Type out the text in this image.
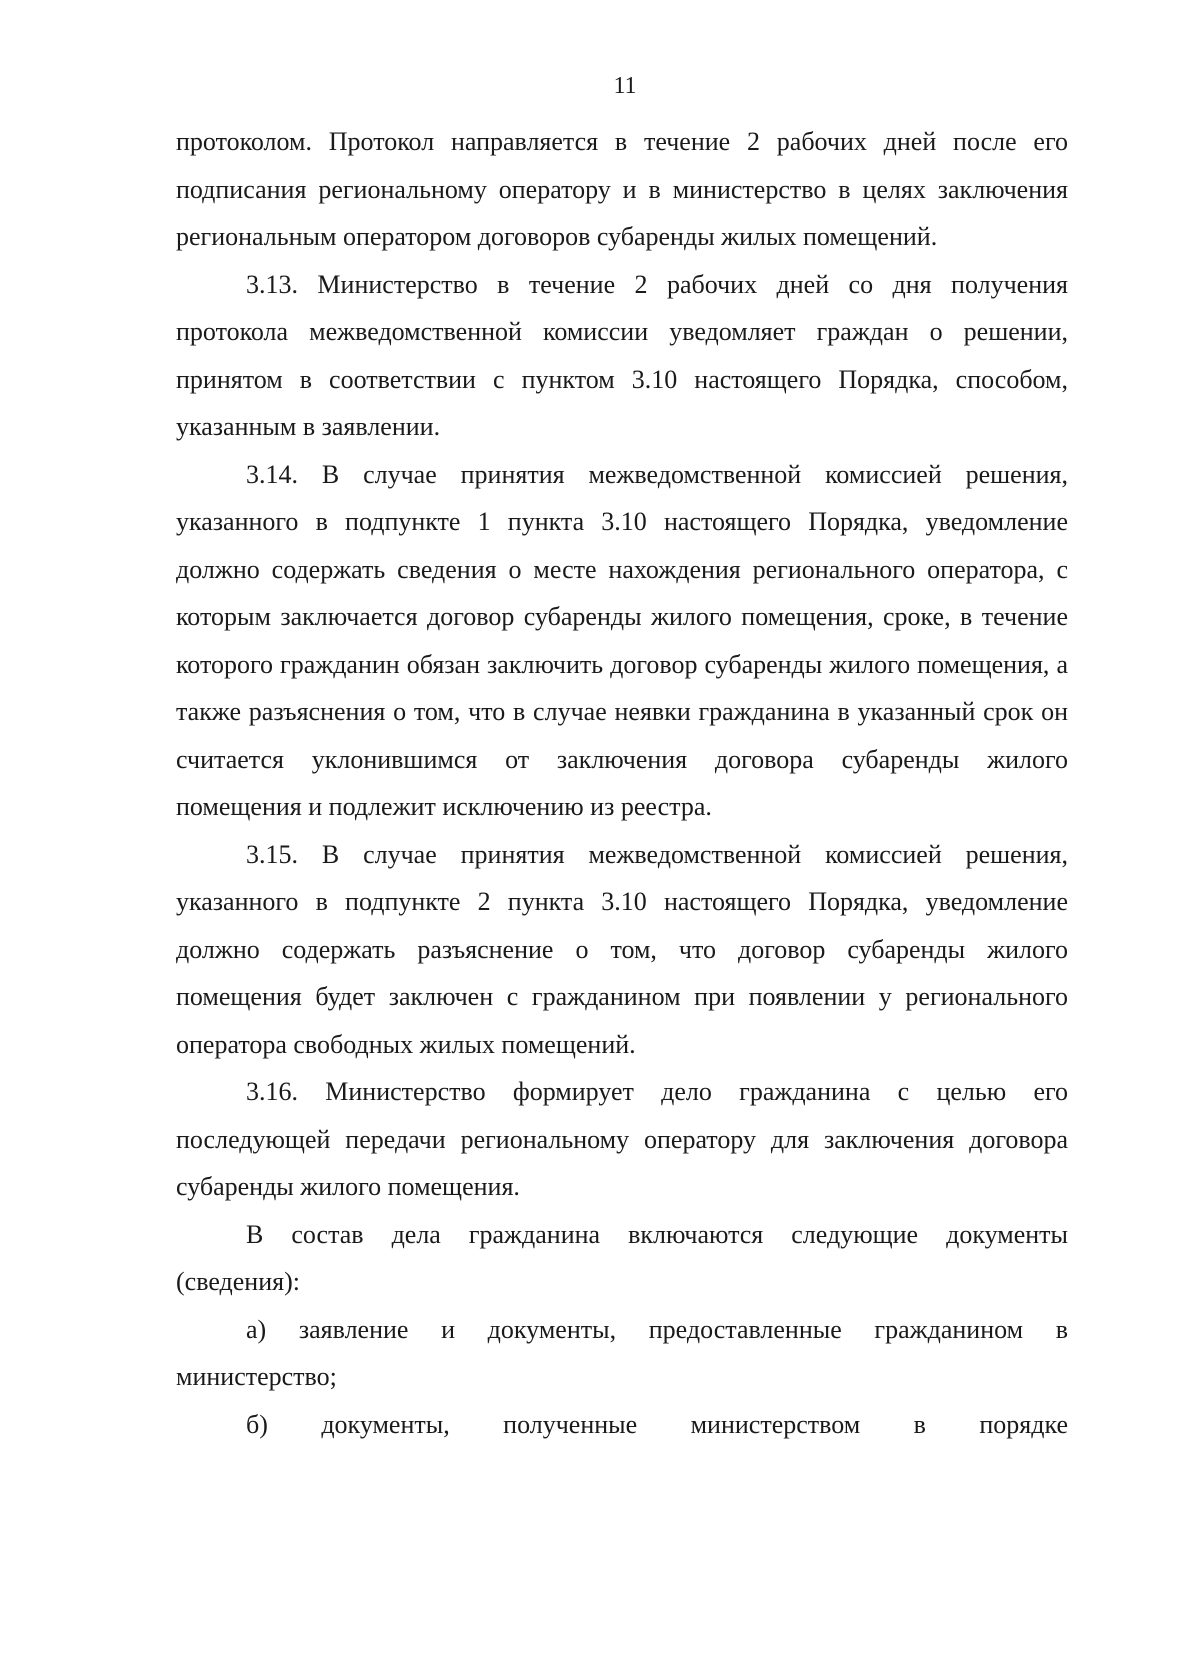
11

протоколом. Протокол направляется в течение 2 рабочих дней после его подписания региональному оператору и в министерство в целях заключения региональным оператором договоров субаренды жилых помещений.

3.13. Министерство в течение 2 рабочих дней со дня получения протокола межведомственной комиссии уведомляет граждан о решении, принятом в соответствии с пунктом 3.10 настоящего Порядка, способом, указанным в заявлении.

3.14. В случае принятия межведомственной комиссией решения, указанного в подпункте 1 пункта 3.10 настоящего Порядка, уведомление должно содержать сведения о месте нахождения регионального оператора, с которым заключается договор субаренды жилого помещения, сроке, в течение которого гражданин обязан заключить договор субаренды жилого помещения, а также разъяснения о том, что в случае неявки гражданина в указанный срок он считается уклонившимся от заключения договора субаренды жилого помещения и подлежит исключению из реестра.

3.15. В случае принятия межведомственной комиссией решения, указанного в подпункте 2 пункта 3.10 настоящего Порядка, уведомление должно содержать разъяснение о том, что договор субаренды жилого помещения будет заключен с гражданином при появлении у регионального оператора свободных жилых помещений.

3.16. Министерство формирует дело гражданина с целью его последующей передачи региональному оператору для заключения договора субаренды жилого помещения.

В состав дела гражданина включаются следующие документы (сведения):

а) заявление и документы, предоставленные гражданином в министерство;

б) документы, полученные министерством в порядке
